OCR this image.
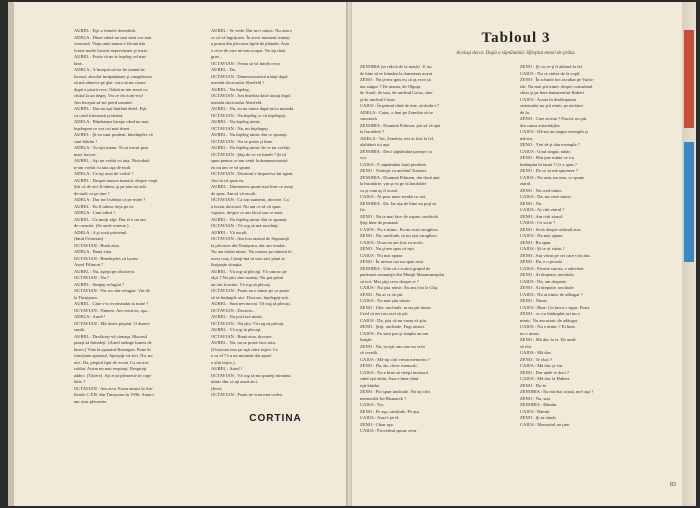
AUREL : Eşti o femeie deosebită.

ADELA : Dintr-odată nu mai simt cea mai

vinovată. Viaţa unei mame e făcută din

foarte multe lucruri neprevăzute şi triste.

AUREL : Poate că nu te înţeleg cel mai

bine.

ADELA : A început să-mi fie teamă de

lucruri, absolut încăpăţânate şi caraghioase.

să mă alunece pe ghe. vara să nu cioare

după o pisică rece. Odată m-am trezit cu

cititul la un degeţ. Vai ce frică mi-era!

Am început să-mi pierd somnul.

AUREL : Dar nu eşti bătrână defel. Eşti

cu totul frumoasă şi tânără.

ADELA : Bătrâneţea începe când nu mai

înţelegem ce vor cei mai tineri.

AUREL : Şi eu sunt prudent, bineînţeles că

sunt bătrân ?

ADELA : Tu eşti matur. Tu ai trecut prin

mari lucruri.

AUREL : Aşi nu vorbit cu tata. Niciodată

n-am vorbit cu tata aşa de mult.

ADELA : Ce-aţi avut de vorbit ?

AUREL : Despre munca noastră, despre viaţă.

Ştii că de aici îl iubesc şi pe tata tot atât

de mult ca pe tine ?

ADELA : Dar nu-l iubeşti ca pe mine ?

AUREL : Eu îl iubesc deja pe ea.

ADELA : Cum adică ?

AUREL : Ca mulţi alţii. Dar el e un om

de caracter. (Se aude sonerie.)

ADELA : A şi sosit prietenul.

(Intră Octavian)

OCTAVIAN : Bună ziua.

ADELA : Bună ziua.

OCTAVIAN : Bineînţeles că lucrez

Aurel Filimon ?

AUREL : Nu, aştept pe altcineva.

OCTAVIAN : Nu ?

AUREL : Siniţeţi refugiat ?

OCTAVIAN : Nu, nu sînt refugiat. Vin de

la Timişoara.

AUREL : Cine v-a recomandat la mine ?

OCTAVIAN : Nimeni. Am venit eu, aşa...

ADELA : Aurel !

OCTAVIAN : Mă doare pieptul. O durere

surdă.

AUREL : Desfăceţi-vă cămaşa. Maiorul

puteţi să întindeţi. (Aurel strânge lumea de

birou.) Vine la aparatul Roentgen. Pune în

funcţiune aparatul. Apropiţi-vă aici. Nu, nu

aici. Da, pieptul lipit de ecran. Ca un mic

soldat. Acum nu mai respiraţi. Respiraţi

adânc. (Tăcere). Aţi avut pleurezie în copi-

lărie ?

OCTAVIAN : Am avut. Eram atunci la Ate-

lierele C.F.R. din Timişoara în 1936. Atunci

am avut pleurezie.

AUREL : Se vede. Dar nu-i nimic. Nu asta e

ce să vă îngrijorez. În acest moment sunteţi

a pornit din plecarea lipită de plămân. Asta

e ceva de care ne-am ocupat. Ne-aţi rănit

grav...

OCTAVIAN : Vreau să vă întreb ceva.

AUREL : Da.

OCTAVIAN : Dumneavoastră trataţi după

metoda doctorului Aberfeld ?

AUREL : Nu înţeleg.

OCTAVIAN : Am întrebat dacă trataţi după

metoda doctorului Aberfeld.

AUREL : Nu, eu nu tratez după nicio metodă.

OCTAVIAN : Nu înţeleg ce vă înţelegeţi.

AUREL : Nu înţeleg nimic.

OCTAVIAN : Nu, nu înţelegeţi.

AUREL : Nu înţeleg nimic din ce spuneţi.

OCTAVIAN : Nu se poate şi bine.

AUREL : Nu înţeleg nimic de ce nu vorbiţi.

OCTAVIAN : Ştiţi de ce vă întreb ? Şi vă

spun pentru ce am venit la dumneavoastră

eu nu am ce vă spune.

OCTAVIAN : Doctorul e împotriva lui agent.

Am să vă spun eu.

AUREL : Dumnezeu spune mai bine ce aveţi

de spus. Am să vă ascult.

OCTAVIAN : Ca toţi oamenii, doctore. Ca

a lucrat doctorul. Nu am ce să vă spun

vigoare, despre ce am făcut sau ce sunt.

AUREL : Nu înţeleg nimic din ce spuneţi.

OCTAVIAN : Vă rog să mă ascultaţi.

AUREL : Vă ascult.

OCTAVIAN : Am fost arestat de Siguranţă

la plecarea din Timişoara, dar am evadat.

Nu am trădat nimic. Nu cunosc pe nimeni în

acest oraş. Lăsaţi-mă să stau aici până se

linişteşte situaţia.

AUREL : Vă rog să plecaţi. Vă cunosc pe

alţii ? Nu ştiu cine sunteţi. Nu pot primi

un om la mine. Vă rog să plecaţi.

OCTAVIAN : Poate nu e nimic pe ce poate

să se întâmple aici. Doctore, înţelegeţi-mă.

AUREL : Sunt nevinovat. Vă rog să plecaţi.

OCTAVIAN : Doctore...

AUREL : Nu pot face nimic.

OCTAVIAN : Nu ştiu. Vă rog să plecaţi.

AUREL : Vă rog să plecaţi.

OCTAVIAN : Bună ziua, doctore.

AUREL : Nu, nu se poate face asta.

(Octavian iese pe uşă către ieşire. Ce

e cu el ? La un moment dat apare

o altă ieşire.)

AUREL : Aurel !

OCTAVIAN : Vă rog să nu spuneţi nimănui

nimic din ce aţi auzit aici.

(Iese).

OCTAVIAN : Poate ne vom mai vedea.

CORTINA
Tabloul 3
Acelaşi decor. După o săptămână. Sfârşitul mesei de prânz.

ZENOBIA (se ridică de la masă) : E nu

de bine să te frământ la dumneata acasă.

ZENO : Nu ţi-am spus eu că aş vrea să

iau singur ? De mama, de Olguţa,

de Aurel, de tata, de unchiul Caius, cine

şi de unchiul Caius.

CAIUS : În primul rând de tine, zicându-i ?

ADELA : Caius, e fani pe Zenobia să se

cunoască.

ZENOBIA : Doamnă Filimon, pot să vă ajut

la bucătărie ?

ADELA : Vai, Zenobia, ieri ai fost la fel,

alaltăieri tot aşa.

ZENOBIA : Deci săptămână paseşte cu

voi.

CAIUS : E săptămâna lunii pierdute.

ZENO : Vorbeşti ca unchiul Timotei.

ZENOBIA : Doamnă Filimon, dar dacă ajut

la bucătărie, vin şi eu pe la bucătărie

ca şi cum aş fi acasă.

CAIUS : Ai prea mare treabă cu noi.

ZENOBIA : Da. Iar aşa de bine nu poţi să

fie.

ZENO : Nu te mai face de ruşine, unchiule.

Ştiţi bine de pomană.

CAIUS : Nu e nimic. Eu nu sunt caraghios.

ZENO : Nu, unchiule, tu nu eşti caraghios.

CAIUS : Doar nu am fost eu acela.

ZENO : Nu ţi-am spus că eşti.

CAIUS : Nu mai spune.

ZENO : În niciun caz nu spun asta.

ZENOBIA : Uite că s-a răcit grupul de

partizani comunişti din Munţii Maramureşului

că ieri. Mai ştiţi ceva despre ei ?

CAIUS : Nu ştiu nimic. Eu am fost la Cluj.

ZENO : Nu ai ce să ştii.

CAIUS : Nu mai ştiu nimic.

ZENO : Uite, unchiule, tu nu ştii nimic.

Cred că nici nu vrei să ştii.

CAIUS : Da, ştiu că nu vreau să ştiu.

ZENO : Ştiţi, unchiule. Fugi atunci.

CAIUS : Eu sunt pur şi simplu un om

liniştit.

ZENO : Nu, tu eşti om care nu vrea

să creadă.

CAIUS : Mă-aţi citit vreun memoriu ?

ZENO : Da, da, citesc memorii.

CAIUS : Nu e bine să citeşti memorii

când eşti tânăr. Asta e bine când

eşti bătrân.

ZENO : Pot spun unchiule. Nu aţi citit

memoriile lui Bismarck ?

CAIUS : Nu.

ZENO : Pe aşa, unchiule. Pe aşa.

CAIUS : Auzi-i pe el.

ZENO : Chiar aşa.

CAIUS : Proverbul spune ceva.

ZENO : Şi cu ce-ţi fi alătură la fel.

CAIUS : Nu ce stătea de la copil.

ZENO : În schimb boi ascultat pe Vartic-

ide. Nu mai ştii nimic despre consulatul

chiar şi pe bere hamsterului Hubert.

CAIUS : Acum în dezlănţuirea

sistemului nu ştii nimic pe nicăieri

de la.

ZENO : Care ziceau ? Practic nu ştii

din cauza autorităţilor.

CAIUS : Dă-mi un singur exemplu şi

mă-mi.

ZENO : Vrei să-ţi dau exemple ?

CAIUS : Unul singur, nătăr.

ZENO : Mai ţine minte ce s-a

întâmplat în iarnă ? Ce a spus ?

ZENO : De ce să mă spioneze ?

CAIUS : Nu asta, nu asta, ce spune

ziarul.

ZENO : Nu cred nimic.

CAIUS : Da, nu crezi nimic.

ZENO : Nu.

CAIUS : Ai citit ziarul ?

ZENO : Am citit ziarul.

CAIUS : Ce scrie ?

ZENO : Scrie despre ultimul atac.

CAIUS : Nu mai spune.

ZENO : Ba spun.

CAIUS : Şi ce ai văzut ?

ZENO : Am văzut pe cei care s-au dus.

ZENO : Da, e o prostie.

CAIUS : Prostie sau nu, e adevărat.

ZENO : Ai dreptate, unchiule.

CAIUS : Da, am dreptate.

ZENO : Ai dreptate, unchiule.

CAIUS : Nu ai nimic de adăugat ?

ZENO : Nimic.

CAIUS : Bine. Un lucru e sigur. Poate

ZENO : ce s-a întâmplat azi nu e

nimic. Nu am nimic de adăugat.

CAIUS : Nu e nimic ? Ei bine,

nu e nimic.

ZENO : Mă duc la ei. De unde

să vin.

CAIUS : Mă duc.

ZENO : Te duci ?

CAIUS : Mă duc şi vin.

ZENO : Dar unde te duci ?

CAIUS : Mă duc la Hubert.

ZENO : Du-te.

ZENOBIA : Eu mă duc acasă, nu-i aşa ?

ZENO : Nu, stai.

ZENOBIA : Rămân.

CAIUS : Rămâi.

ZENO : Şi tu rămâi.

CAIUS : Memoriul nu ţine.

83
